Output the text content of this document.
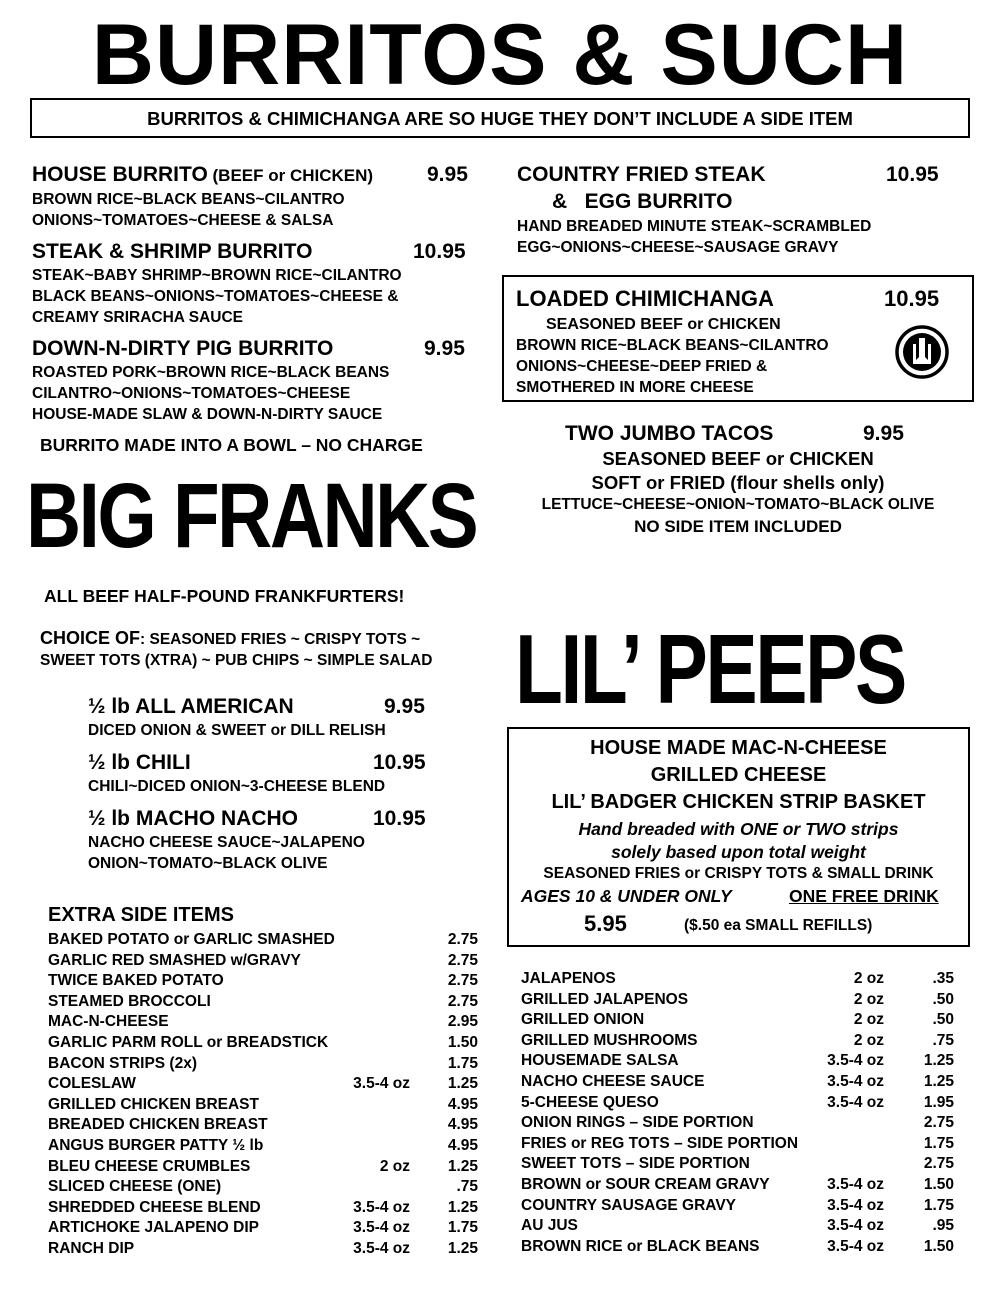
BURRITOS & SUCH
BURRITOS & CHIMICHANGA ARE SO HUGE THEY DON’T INCLUDE A SIDE ITEM
HOUSE BURRITO (BEEF or CHICKEN)	9.95
BROWN RICE~BLACK BEANS~CILANTRO
ONIONS~TOMATOES~CHEESE & SALSA
STEAK & SHRIMP BURRITO	10.95
STEAK~BABY SHRIMP~BROWN RICE~CILANTRO
BLACK BEANS~ONIONS~TOMATOES~CHEESE &
CREAMY SRIRACHA SAUCE
DOWN-N-DIRTY PIG BURRITO	9.95
ROASTED PORK~BROWN RICE~BLACK BEANS
CILANTRO~ONIONS~TOMATOES~CHEESE
HOUSE-MADE SLAW & DOWN-N-DIRTY SAUCE
BURRITO MADE INTO A BOWL – NO CHARGE
COUNTRY FRIED STEAK	10.95
&   EGG BURRITO
HAND BREADED MINUTE STEAK~SCRAMBLED
EGG~ONIONS~CHEESE~SAUSAGE GRAVY
LOADED CHIMICHANGA	10.95
SEASONED BEEF or CHICKEN
BROWN RICE~BLACK BEANS~CILANTRO
ONIONS~CHEESE~DEEP FRIED &
SMOTHERED IN MORE CHEESE
TWO JUMBO TACOS	9.95
SEASONED BEEF or CHICKEN
SOFT or FRIED (flour shells only)
LETTUCE~CHEESE~ONION~TOMATO~BLACK OLIVE
NO SIDE ITEM INCLUDED
BIG FRANKS
ALL BEEF HALF-POUND FRANKFURTERS!
CHOICE OF: SEASONED FRIES ~ CRISPY TOTS ~
SWEET TOTS (XTRA) ~ PUB CHIPS ~ SIMPLE SALAD
½ lb ALL AMERICAN	9.95
DICED ONION & SWEET or DILL RELISH
½ lb CHILI	10.95
CHILI~DICED ONION~3-CHEESE BLEND
½ lb MACHO NACHO	10.95
NACHO CHEESE SAUCE~JALAPENO
ONION~TOMATO~BLACK OLIVE
LIL’ PEEPS
HOUSE MADE MAC-N-CHEESE
GRILLED CHEESE
LIL’ BADGER CHICKEN STRIP BASKET
Hand breaded with ONE or TWO strips
solely based upon total weight
SEASONED FRIES or CRISPY TOTS & SMALL DRINK
AGES 10 & UNDER ONLY	ONE FREE DRINK
5.95	($.50 ea SMALL REFILLS)
EXTRA SIDE ITEMS
BAKED POTATO or GARLIC SMASHED	2.75
GARLIC RED SMASHED w/GRAVY	2.75
TWICE BAKED POTATO	2.75
STEAMED BROCCOLI	2.75
MAC-N-CHEESE	2.95
GARLIC PARM ROLL or BREADSTICK	1.50
BACON STRIPS (2x)	1.75
COLESLAW	3.5-4 oz 1.25
GRILLED CHICKEN BREAST	4.95
BREADED CHICKEN BREAST	4.95
ANGUS BURGER PATTY ½ lb	4.95
BLEU CHEESE CRUMBLES	2 oz 1.25
SLICED CHEESE (ONE)	.75
SHREDDED CHEESE BLEND	3.5-4 oz 1.25
ARTICHOKE JALAPENO DIP	3.5-4 oz 1.75
RANCH DIP	3.5-4 oz 1.25
JALAPENOS	2 oz	.35
GRILLED JALAPENOS	2 oz	.50
GRILLED ONION	2 oz	.50
GRILLED MUSHROOMS	2 oz	.75
HOUSEMADE SALSA	3.5-4 oz	1.25
NACHO CHEESE SAUCE	3.5-4 oz	1.25
5-CHEESE QUESO	3.5-4 oz	1.95
ONION RINGS – SIDE PORTION	2.75
FRIES or REG TOTS – SIDE PORTION	1.75
SWEET TOTS – SIDE PORTION	2.75
BROWN or SOUR CREAM GRAVY	3.5-4 oz	1.50
COUNTRY SAUSAGE GRAVY	3.5-4 oz	1.75
AU JUS	3.5-4 oz	.95
BROWN RICE or BLACK BEANS	3.5-4 oz	1.50
